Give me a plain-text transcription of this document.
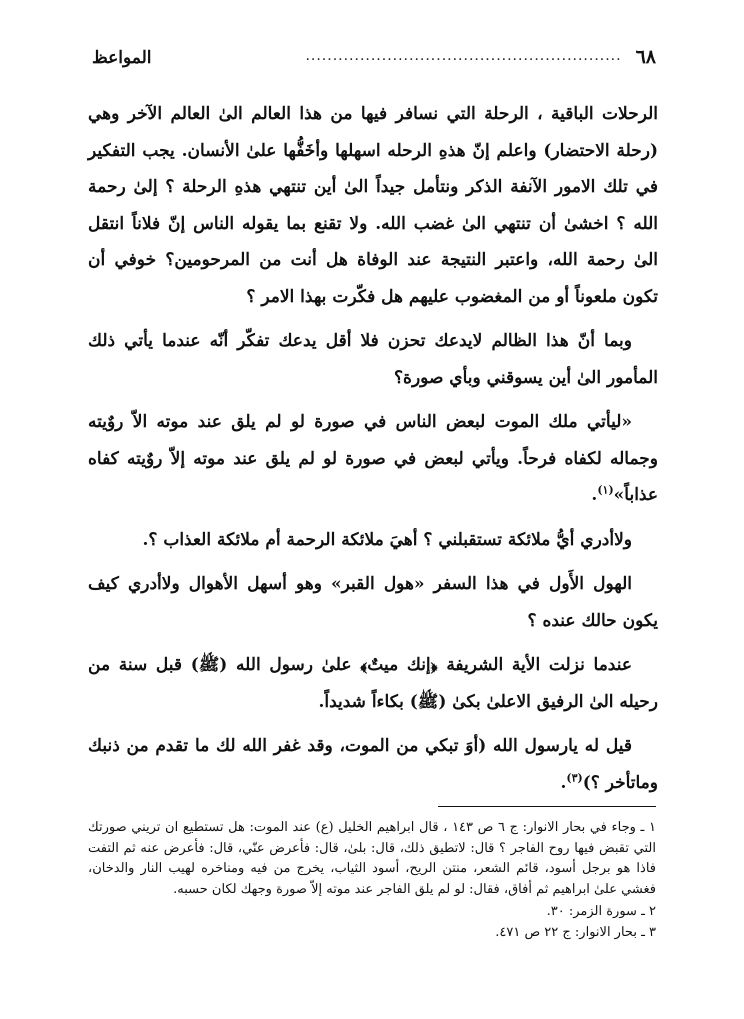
٦٨
..........................................................
المواعظ

الرحلات الباقية ، الرحلة التي نسافر فيها من هذا العالم الىٰ العالم الآخر وهي (رحلة الاحتضار) واعلم إنّ هذهِ الرحله اسهلها وأخَفُّها علىٰ الأنسان. يجب التفكير في تلك الامور الآنفة الذكر ونتأمل جيداً الىٰ أين تنتهي هذهِ الرحلة ؟ إلىٰ رحمة الله ؟ اخشىٰ أن تنتهي الىٰ غضب الله. ولا تقنع بما يقوله الناس إنّ فلاناً انتقل الىٰ رحمة الله، واعتبر النتيجة عند الوفاة هل أنت من المرحومين؟ خوفي أن تكون ملعوناً أو من المغضوب عليهم هل فكّرت بهذا الامر ؟

وبما أنّ هذا الظالم لايدعك تحزن فلا أقل يدعك تفكّر أنّه عندما يأتي ذلك المأمور الىٰ أين يسوقني وبأي صورة؟

«ليأتي ملك الموت لبعض الناس في صورة لو لم يلق عند موته الاّ روٌيته وجماله لكفاه فرحاً. ويأتي لبعض في صورة لو لم يلق عند موته إلاّ روٌيته كفاه عذاباً»$^{(١)}$.

ولاأدري أيُّ ملائكة تستقبلني ؟ أهيَ ملائكة الرحمة أم ملائكة العذاب ؟.

الهول الأَول في هذا السفر «هول القبر» وهو أسهل الأهوال ولاأدري كيف يكون حالك عنده ؟

عندما نزلت الأية الشريفة ﴿إنك ميتٌ﴾ علىٰ رسول الله (ﷺ) قبل سنة من رحيله الىٰ الرفيق الاعلىٰ بكىٰ (ﷺ) بكاءاً شديداً.

قيل له يارسول الله (أوَ تبكي من الموت، وقد غفر الله لك ما تقدم من ذنبك وماتأخر ؟)$^{(٣)}$.

١ ـ وجاء في بحار الانوار: ج ٦ ص ١٤٣ ، قال ابراهيم الخليل (ع) عند الموت: هل تستطيع ان تريني صورتك التي تقبض فيها روح الفاجر ؟ قال: لاتطيق ذلك، قال: بلىٰ، قال: فأعرض عنّي، قال: فأعرض عنه ثم التفت فاذا هو برجل أسود، قائم الشعر، منتن الريح، أسود الثياب، يخرج من فيه ومناخره لهيب النار والدخان، فغشي علىٰ ابراهيم ثم أفاق، فقال: لو لم يلق الفاجر عند موته إلاّ صورة وجهك لكان حسبه.

٢ ـ سورة الزمر: ٣٠.

٣ ـ بحار الانوار: ج ٢٢ ص ٤٧١.
